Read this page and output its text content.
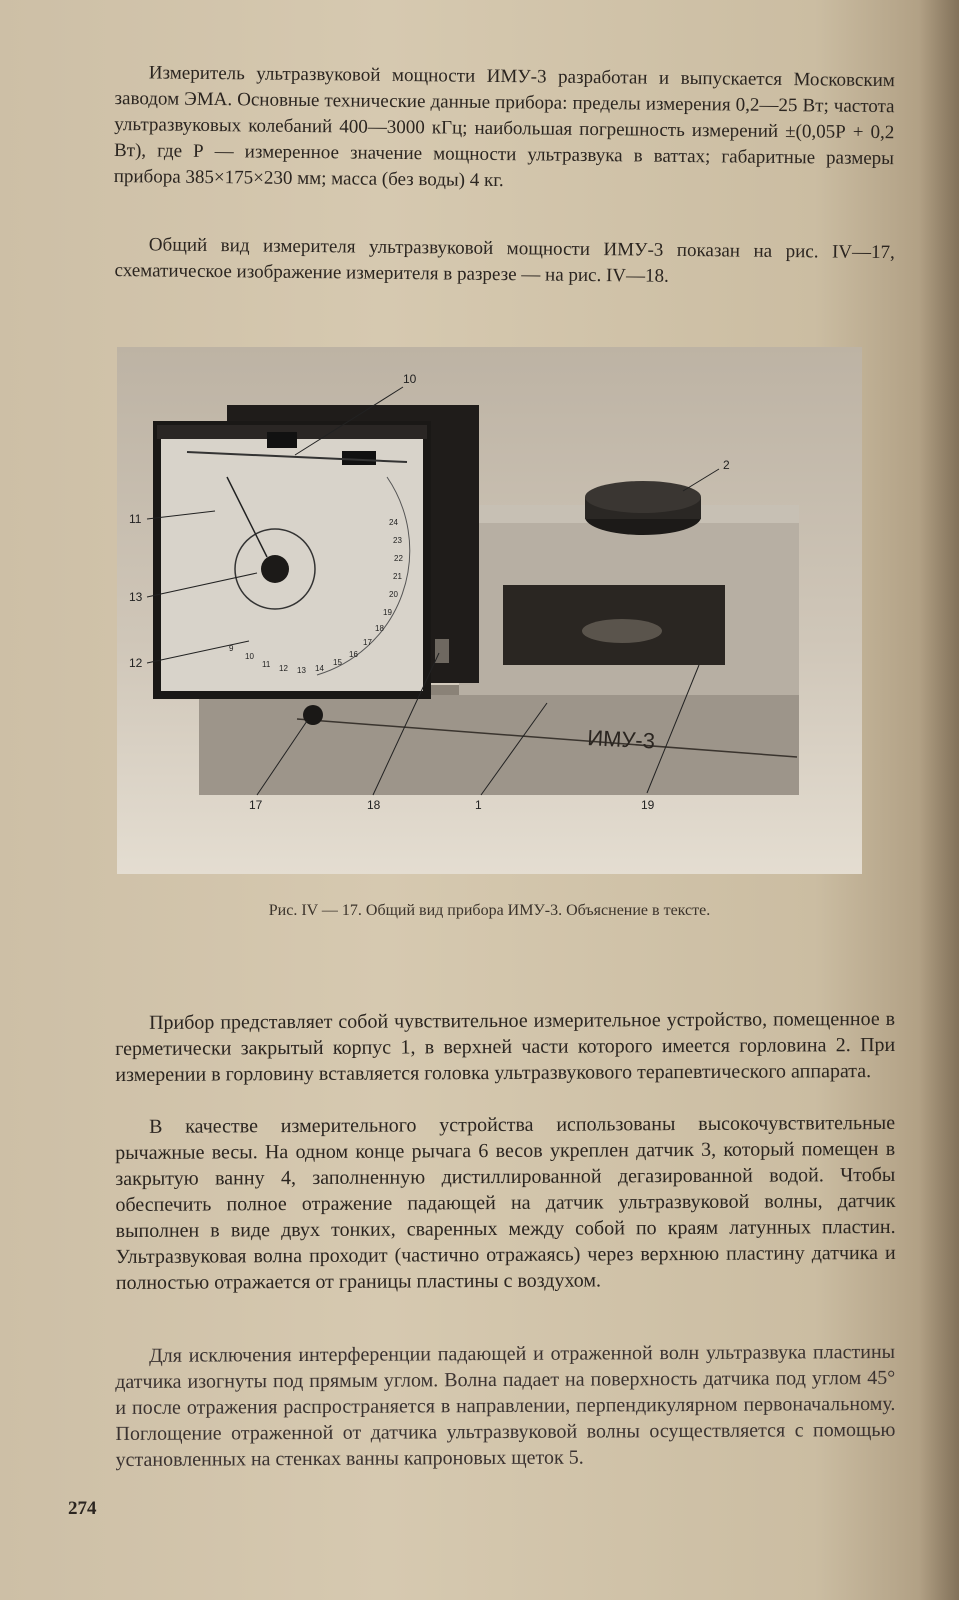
Измеритель ультразвуковой мощности ИМУ-3 разработан и выпускается Московским заводом ЭМА. Основные технические данные прибора: пределы измерения 0,2—25 Вт; частота ультразвуковых колебаний 400—3000 кГц; наибольшая погрешность измерений ±(0,05Р + 0,2 Вт), где Р — измеренное значение мощности ультразвука в ваттах; габаритные размеры прибора 385×175×230 мм; масса (без воды) 4 кг.

Общий вид измерителя ультразвуковой мощности ИМУ-3 показан на рис. IV—17, схематическое изображение измерителя в разрезе — на рис. IV—18.

ИМУ-3
24
23
22
21
20
19
18
17
16
15
14
13
12
11
10
9
10
2
11
13
12
17	18	1	19

Рис. IV — 17. Общий вид прибора ИМУ-3. Объяснение в тексте.

Прибор представляет собой чувствительное измерительное устройство, помещенное в герметически закрытый корпус 1, в верхней части которого имеется горловина 2. При измерении в горловину вставляется головка ультразвукового терапевтического аппарата.

В качестве измерительного устройства использованы высокочувствительные рычажные весы. На одном конце рычага 6 весов укреплен датчик 3, который помещен в закрытую ванну 4, заполненную дистиллированной дегазированной водой. Чтобы обеспечить полное отражение падающей на датчик ультразвуковой волны, датчик выполнен в виде двух тонких, сваренных между собой по краям латунных пластин. Ультразвуковая волна проходит (частично отражаясь) через верхнюю пластину датчика и полностью отражается от границы пластины с воздухом.

Для исключения интерференции падающей и отраженной волн ультразвука пластины датчика изогнуты под прямым углом. Волна падает на поверхность датчика под углом 45° и после отражения распространяется в направлении, перпендикулярном первоначальному. Поглощение отраженной от датчика ультразвуковой волны осуществляется с помощью установленных на стенках ванны капроновых щеток 5.

274
